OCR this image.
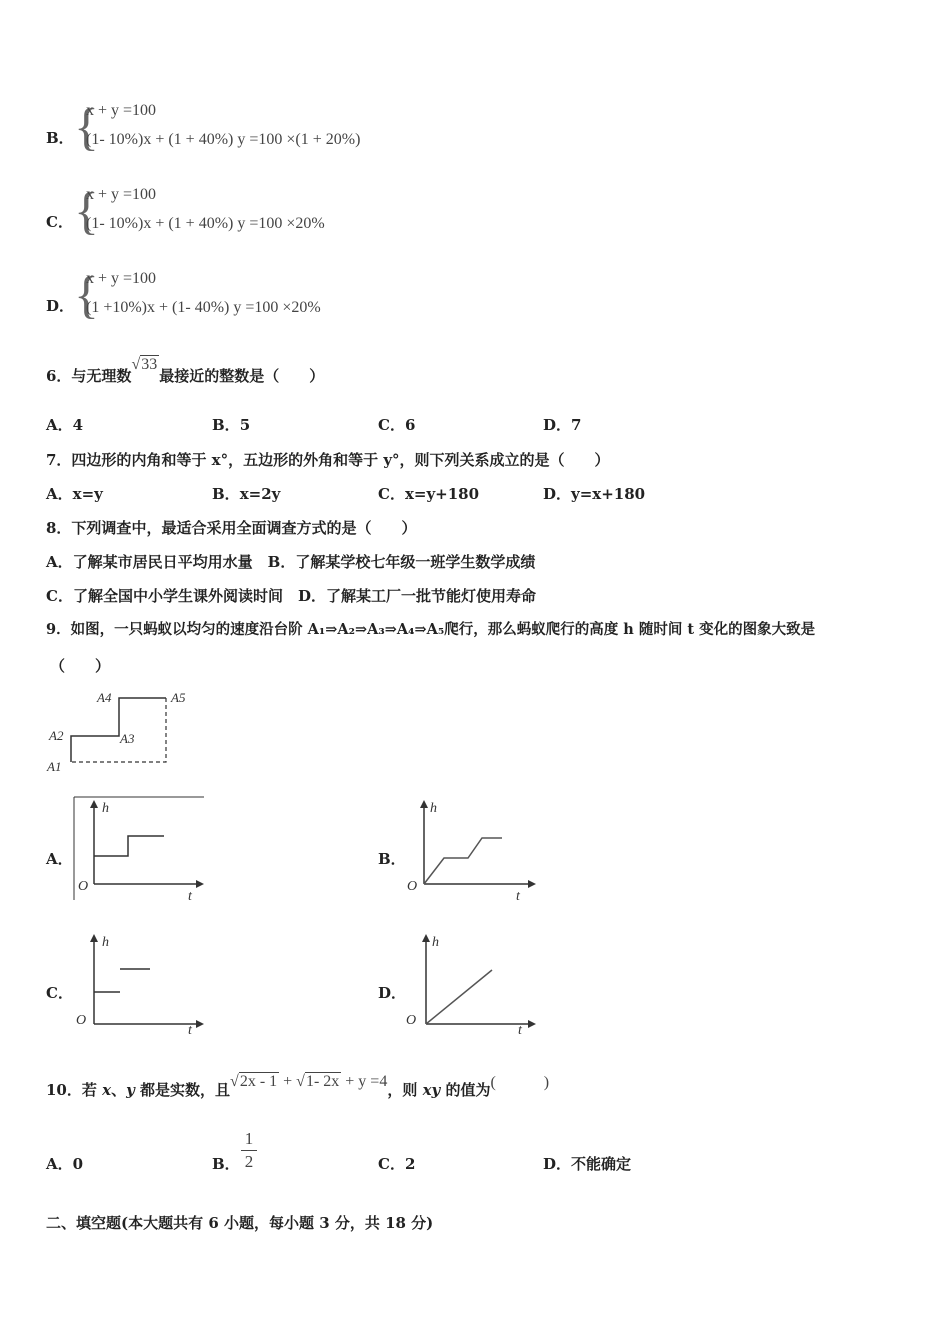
B． {
x + y =100
(1- 10%)x + (1 + 40%) y =100 ×(1 + 20%)
C． {
x + y =100
(1- 10%)x + (1 + 40%) y =100 ×20%
D． {
x + y =100
(1 +10%)x + (1- 40%) y =100 ×20%
6．与无理数√33最接近的整数是（　　）
A．4	B．5	C．6	D．7
7．四边形的内角和等于 x°，五边形的外角和等于 y°，则下列关系成立的是（　　）
A．x=y	B．x=2y	C．x=y+180	D．y=x+180
8．下列调查中，最适合采用全面调查方式的是（　　）
A．了解某市居民日平均用水量　B．了解某学校七年级一班学生数学成绩
C．了解全国中小学生课外阅读时间　D．了解某工厂一批节能灯使用寿命
9．如图，一只蚂蚁以均匀的速度沿台阶 A₁⇒A₂⇒A₃⇒A₄⇒A₅爬行，那么蚂蚁爬行的高度 h 随时间 t 变化的图象大致是
（　　）
A4	A5
A2	A3
A1
A．
h
t
O
B．
h
t
O
C．
h
t
O
D．
h
t
O
10．若 x、y 都是实数，且√2x - 1 + √1- 2x + y =4，则 xy 的值为(　　　)
A．0	B． $\frac{1}{2}$	C．2	D．不能确定
二、填空题(本大题共有 6 小题，每小题 3 分，共 18 分)
